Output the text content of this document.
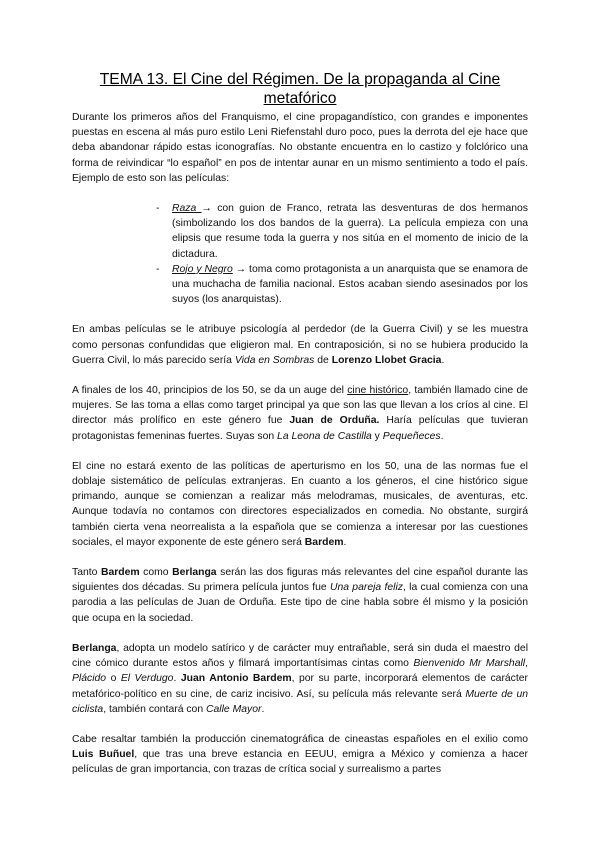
TEMA 13. El Cine del Régimen. De la propaganda al Cine metafórico

Durante los primeros años del Franquismo, el cine propagandístico, con grandes e imponentes puestas en escena al más puro estilo Leni Riefenstahl duro poco, pues la derrota del eje hace que deba abandonar rápido estas iconografías. No obstante encuentra en lo castizo y folclórico una forma de reivindicar “lo español” en pos de intentar aunar en un mismo sentimiento a todo el país. Ejemplo de esto son las películas:

- Raza → con guion de Franco, retrata las desventuras de dos hermanos (simbolizando los dos bandos de la guerra). La película empieza con una elipsis que resume toda la guerra y nos sitúa en el momento de inicio de la dictadura.
- Rojo y Negro → toma como protagonista a un anarquista que se enamora de una muchacha de familia nacional. Estos acaban siendo asesinados por los suyos (los anarquistas).

En ambas películas se le atribuye psicología al perdedor (de la Guerra Civil) y se les muestra como personas confundidas que eligieron mal. En contraposición, si no se hubiera producido la Guerra Civil, lo más parecido sería Vida en Sombras de Lorenzo Llobet Gracia.

A finales de los 40, principios de los 50, se da un auge del cine histórico, también llamado cine de mujeres. Se las toma a ellas como target principal ya que son las que llevan a los críos al cine. El director más prolífico en este género fue Juan de Orduña. Haría películas que tuvieran protagonistas femeninas fuertes. Suyas son La Leona de Castilla y Pequeñeces.

El cine no estará exento de las políticas de aperturismo en los 50, una de las normas fue el doblaje sistemático de películas extranjeras. En cuanto a los géneros, el cine histórico sigue primando, aunque se comienzan a realizar más melodramas, musicales, de aventuras, etc. Aunque todavía no contamos con directores especializados en comedia. No obstante, surgirá también cierta vena neorrealista a la española que se comienza a interesar por las cuestiones sociales, el mayor exponente de este género será Bardem.

Tanto Bardem como Berlanga serán las dos figuras más relevantes del cine español durante las siguientes dos décadas. Su primera película juntos fue Una pareja feliz, la cual comienza con una parodia a las películas de Juan de Orduña. Este tipo de cine habla sobre él mismo y la posición que ocupa en la sociedad.

Berlanga, adopta un modelo satírico y de carácter muy entrañable, será sin duda el maestro del cine cómico durante estos años y filmará importantísimas cintas como Bienvenido Mr Marshall, Plácido o El Verdugo. Juan Antonio Bardem, por su parte, incorporará elementos de carácter metafórico-político en su cine, de cariz incisivo. Así, su película más relevante será Muerte de un ciclista, también contará con Calle Mayor.

Cabe resaltar también la producción cinematográfica de cineastas españoles en el exilio como Luis Buñuel, que tras una breve estancia en EEUU, emigra a México y comienza a hacer películas de gran importancia, con trazas de crítica social y surrealismo a partes
